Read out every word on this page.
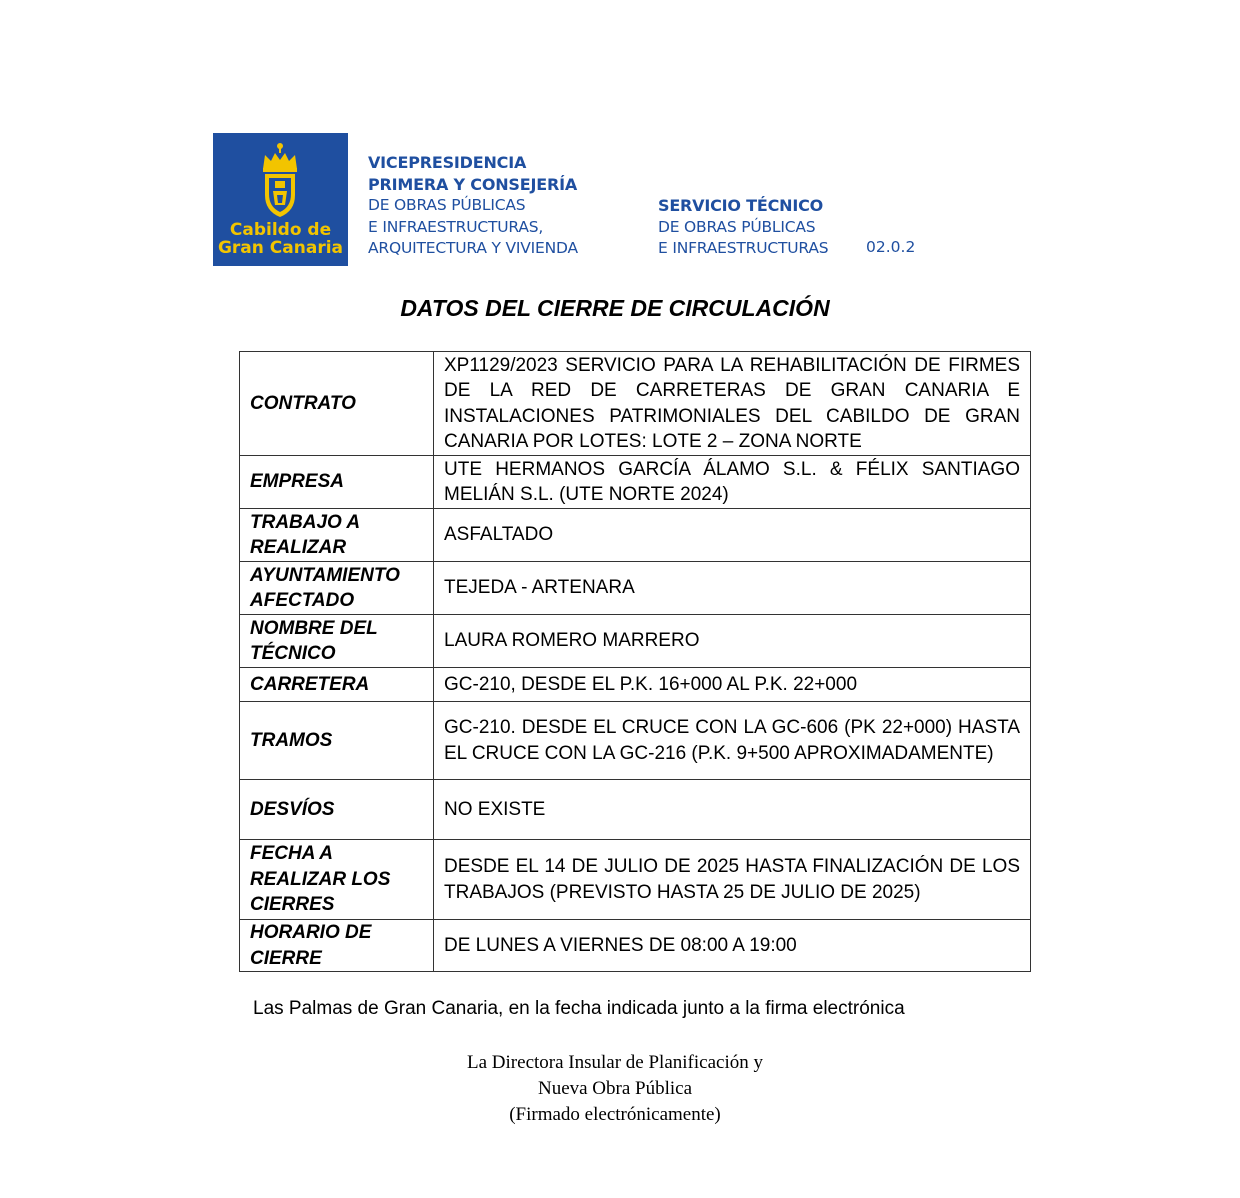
Cabildo de
Gran Canaria
VICEPRESIDENCIA
PRIMERA Y CONSEJERÍA
DE OBRAS PÚBLICAS
E INFRAESTRUCTURAS,
ARQUITECTURA Y VIVIENDA
SERVICIO TÉCNICO
DE OBRAS PÚBLICAS
E INFRAESTRUCTURAS 02.0.2
DATOS DEL CIERRE DE CIRCULACIÓN
CONTRATO	XP1129/2023 SERVICIO PARA LA REHABILITACIÓN DE FIRMES DE LA RED DE CARRETERAS DE GRAN CANARIA E INSTALACIONES PATRIMONIALES DEL CABILDO DE GRAN CANARIA POR LOTES: LOTE 2 – ZONA NORTE
EMPRESA	UTE HERMANOS GARCÍA ÁLAMO S.L. & FÉLIX SANTIAGO MELIÁN S.L. (UTE NORTE 2024)
TRABAJO A REALIZAR	ASFALTADO
AYUNTAMIENTO AFECTADO	TEJEDA - ARTENARA
NOMBRE DEL TÉCNICO	LAURA ROMERO MARRERO
CARRETERA	GC-210, DESDE EL P.K. 16+000 AL P.K. 22+000
TRAMOS	GC-210. DESDE EL CRUCE CON LA GC-606 (PK 22+000) HASTA EL CRUCE CON LA GC-216 (P.K. 9+500 APROXIMADAMENTE)
DESVÍOS	NO EXISTE
FECHA A REALIZAR LOS CIERRES	DESDE EL 14 DE JULIO DE 2025 HASTA FINALIZACIÓN DE LOS TRABAJOS (PREVISTO HASTA 25 DE JULIO DE 2025)
HORARIO DE CIERRE	DE LUNES A VIERNES DE 08:00 A 19:00
Las Palmas de Gran Canaria, en la fecha indicada junto a la firma electrónica
La Directora Insular de Planificación y
Nueva Obra Pública
(Firmado electrónicamente)
